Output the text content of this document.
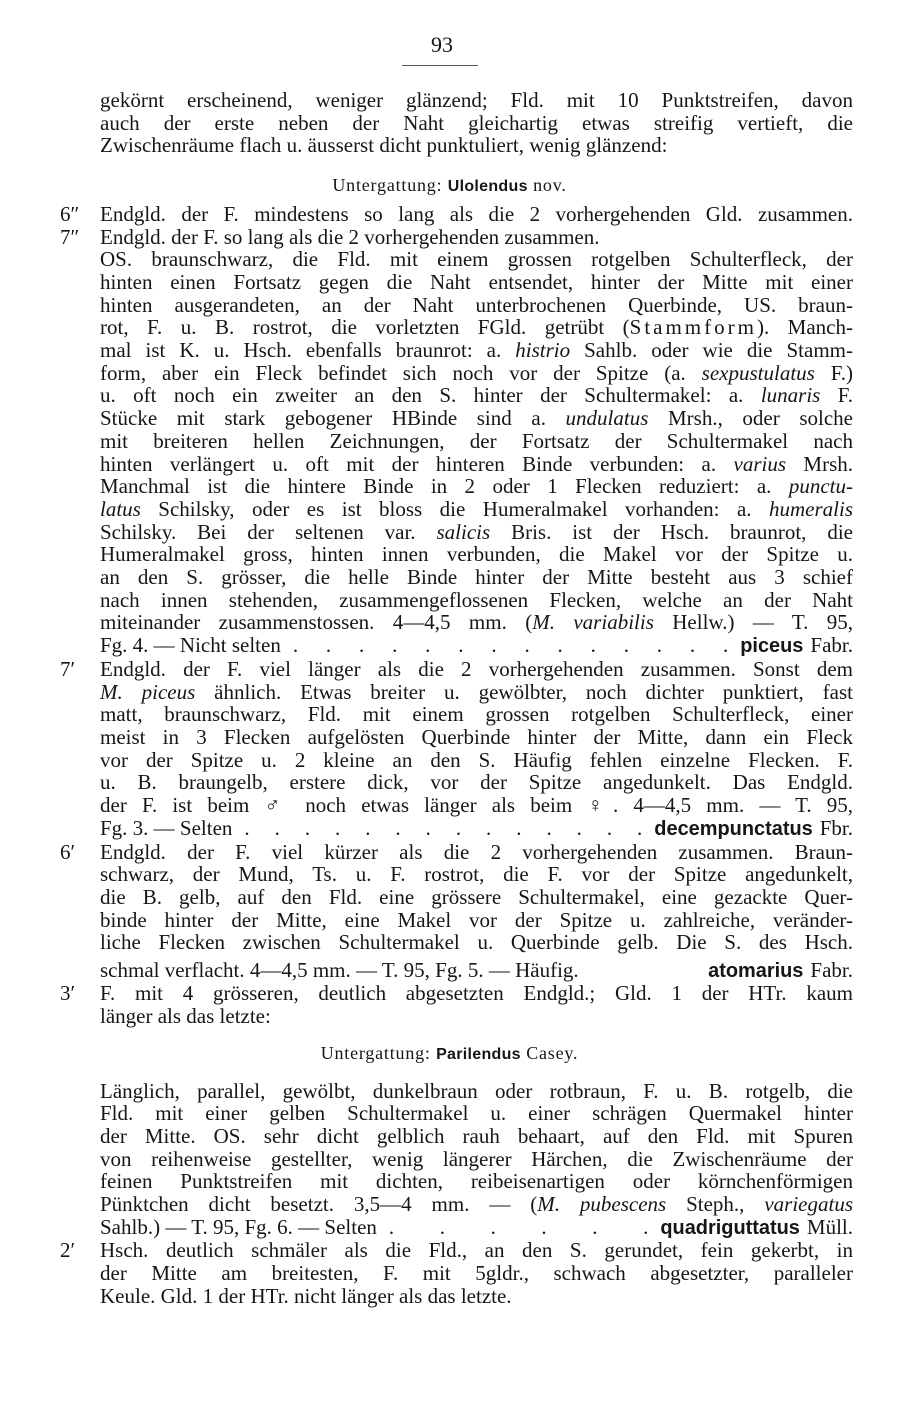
93
gekörnt erscheinend, weniger glänzend; Fld. mit 10 Punktstreifen, davon
auch der erste neben der Naht gleichartig etwas streifig vertieft, die
Zwischenräume flach u. äusserst dicht punktuliert, wenig glänzend:
Untergattung: Ulolendus nov.
6″ Endgld. der F. mindestens so lang als die 2 vorhergehenden Gld. zusammen.
7″ Endgld. der F. so lang als die 2 vorhergehenden zusammen.
OS. braunschwarz, die Fld. mit einem grossen rotgelben Schulterfleck, der
hinten einen Fortsatz gegen die Naht entsendet, hinter der Mitte mit einer
hinten ausgerandeten, an der Naht unterbrochenen Querbinde, US. braun-
rot, F. u. B. rostrot, die vorletzten FGld. getrübt (Stammform). Manch-
mal ist K. u. Hsch. ebenfalls braunrot: a. histrio Sahlb. oder wie die Stamm-
form, aber ein Fleck befindet sich noch vor der Spitze (a. sexpustulatus F.)
u. oft noch ein zweiter an den S. hinter der Schultermakel: a. lunaris F.
Stücke mit stark gebogener HBinde sind a. undulatus Mrsh., oder solche
mit breiteren hellen Zeichnungen, der Fortsatz der Schultermakel nach
hinten verlängert u. oft mit der hinteren Binde verbunden: a. varius Mrsh.
Manchmal ist die hintere Binde in 2 oder 1 Flecken reduziert: a. punctu-
latus Schilsky, oder es ist bloss die Humeralmakel vorhanden: a. humeralis
Schilsky. Bei der seltenen var. salicis Bris. ist der Hsch. braunrot, die
Humeralmakel gross, hinten innen verbunden, die Makel vor der Spitze u.
an den S. grösser, die helle Binde hinter der Mitte besteht aus 3 schief
nach innen stehenden, zusammengeflossenen Flecken, welche an der Naht
miteinander zusammenstossen. 4—4,5 mm. (M. variabilis Hellw.) — T. 95,
Fg. 4. — Nicht selten . . . . . . . . . . . . . . piceus Fabr.
7′ Endgld. der F. viel länger als die 2 vorhergehenden zusammen. Sonst dem
M. piceus ähnlich. Etwas breiter u. gewölbter, noch dichter punktiert, fast
matt, braunschwarz, Fld. mit einem grossen rotgelben Schulterfleck, einer
meist in 3 Flecken aufgelösten Querbinde hinter der Mitte, dann ein Fleck
vor der Spitze u. 2 kleine an den S. Häufig fehlen einzelne Flecken. F.
u. B. braungelb, erstere dick, vor der Spitze angedunkelt. Das Endgld.
der F. ist beim ♂ noch etwas länger als beim ♀. 4—4,5 mm. — T. 95,
Fg. 3. — Selten . . . . . . . . . . . . . . decempunctatus Fbr.
6′ Endgld. der F. viel kürzer als die 2 vorhergehenden zusammen. Braun-
schwarz, der Mund, Ts. u. F. rostrot, die F. vor der Spitze angedunkelt,
die B. gelb, auf den Fld. eine grössere Schultermakel, eine gezackte Quer-
binde hinter der Mitte, eine Makel vor der Spitze u. zahlreiche, veränder-
liche Flecken zwischen Schultermakel u. Querbinde gelb. Die S. des Hsch.
schmal verflacht. 4—4,5 mm. — T. 95, Fg. 5. — Häufig.	atomarius Fabr.
3′ F. mit 4 grösseren, deutlich abgesetzten Endgld.; Gld. 1 der HTr. kaum
länger als das letzte:
Untergattung: Parilendus Casey.
Länglich, parallel, gewölbt, dunkelbraun oder rotbraun, F. u. B. rotgelb, die
Fld. mit einer gelben Schultermakel u. einer schrägen Quermakel hinter
der Mitte. OS. sehr dicht gelblich rauh behaart, auf den Fld. mit Spuren
von reihenweise gestellter, wenig längerer Härchen, die Zwischenräume der
feinen Punktstreifen mit dichten, reibeisenartigen oder körnchenförmigen
Pünktchen dicht besetzt. 3,5—4 mm. — (M. pubescens Steph., variegatus
Sahlb.) — T. 95, Fg. 6. — Selten . . . . . . quadriguttatus Müll.
2′ Hsch. deutlich schmäler als die Fld., an den S. gerundet, fein gekerbt, in
der Mitte am breitesten, F. mit 5gldr., schwach abgesetzter, paralleler
Keule. Gld. 1 der HTr. nicht länger als das letzte.
